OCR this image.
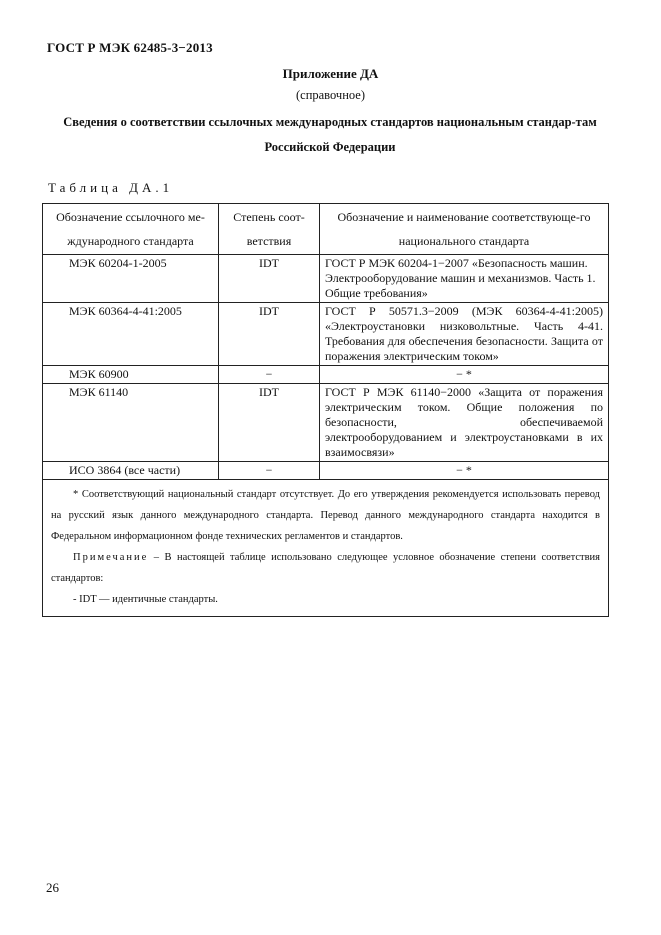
ГОСТ Р МЭК 62485-3−2013
Приложение ДА
(справочное)
Сведения о соответствии ссылочных международных стандартов национальным стандар-там Российской Федерации
Таблица ДА.1
Обозначение ссылочного ме-ждународного стандарта	Степень соот-ветствия	Обозначение и наименование соответствующе-го национального стандарта
МЭК 60204-1-2005	IDT	ГОСТ Р МЭК 60204-1−2007 «Безопасность машин. Электрооборудование машин и механизмов. Часть 1. Общие требования»
МЭК 60364-4-41:2005	IDT	ГОСТ Р 50571.3−2009 (МЭК 60364-4-41:2005) «Электроустановки низковольтные. Часть 4-41. Требования для обеспечения безопасности. Защита от поражения электрическим током»
МЭК 60900	−	− *
МЭК 61140	IDT	ГОСТ Р МЭК 61140−2000 «Защита от поражения электрическим током. Общие положения по безопасности, обеспечиваемой электрооборудованием и электроустановками в их взаимосвязи»
ИСО 3864 (все части)	−	− *

* Соответствующий национальный стандарт отсутствует. До его утверждения рекомендуется использовать перевод на русский язык данного международного стандарта. Перевод данного международного стандарта находится в Федеральном информационном фонде технических регламентов и стандартов.

Примечание – В настоящей таблице использовано следующее условное обозначение степени соответствия стандартов:

- IDT — идентичные стандарты.		

26
